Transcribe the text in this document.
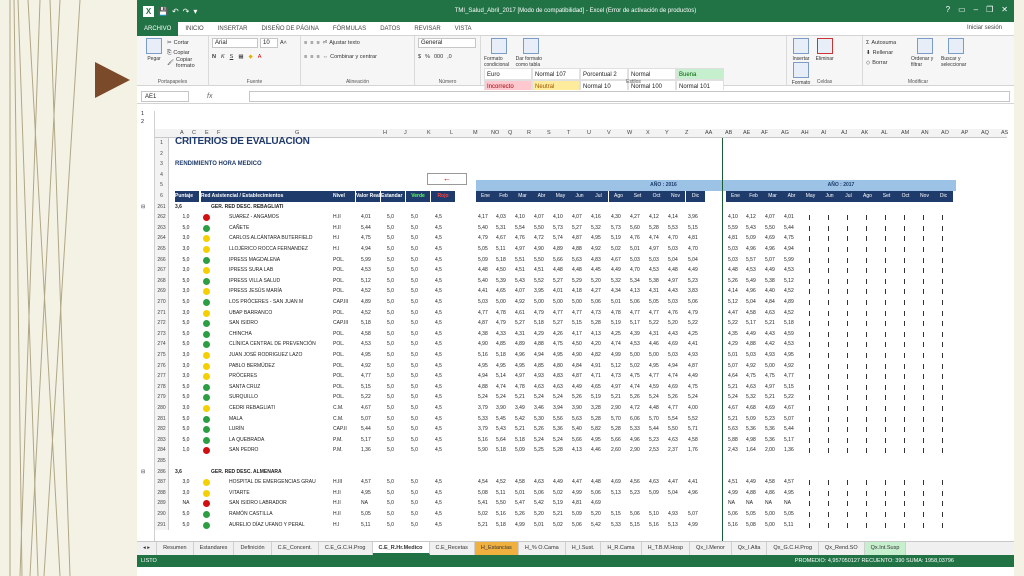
X 💾 ↶ ↷ ▾	TMI_Salud_Abril_2017 [Modo de compatibilidad] - Excel (Error de activación de productos)	? ▭ – ❐ ✕
ARCHIVO	INICIO	INSERTAR	DISEÑO DE PÁGINA	FÓRMULAS	DATOS	REVISAR	VISTA	Iniciar sesión
Pegar
✂ Cortar
⎘ Copiar
🖌 Copiar formato
Portapapeles
Arial	10	A˄
N K S ▦ ◆ A
Fuente
≡ ≡ ≡ ⏎ Ajustar texto
≡ ≡ ≡ ⇔ Combinar y centrar
Alineación
General
$ % 000 ,0
Número
Formato condicional

Dar formato como tabla
Euro	Normal 107	Porcentual 2 Normal	BuenaIncorrecto	Neutral	Normal 10	Normal 100	Normal 101
Estilos
Insertar
Eliminar

Formato	Celdas
Σ Autosuma
⬇ Rellenar
◇ Borrar
Ordenar y filtrar
Buscar y seleccionar
Modificar
AE1	fx
1
2
A C E F	G	H	J	K	L	M NO Q	R	S	T	U	V	W	X	Y	Z	AA AB AE AF AG AH AI	AJ AK AL AM AN AO AP AQ AS
1	CRITERIOS DE EVALUACION
2
3	RENDIMIENTO HORA MEDICO
4	←
5	AÑO : 2016	AÑO : 2017
6	Puntaje	Red Asistencial / Establecimientos	Nivel	Valor Real Estandar	Verde	Rojo	Ene	Feb	Mar	Abr	May	Jun	Jul	Ago	Set	Oct	Nov	Dic	Ene	Feb	Mar	Abr	May	Jun	Jul	Ago	Set	Oct	Nov	Dic
261	3,6	GER. RED DESC. REBAGLIATI
⊟
262	1,0	SUAREZ - ANGAMOS	H.II	4,01	5,0	5,0	4,5	4,17	4,03	4,10	4,07	4,10	4,07	4,16	4,30	4,27	4,12	4,14	3,96	4,10	4,12	4,07	4,01
263	5,0	CAÑETE	H.II	5,44	5,0	5,0	4,5	5,40	5,31	5,54	5,50	5,73	5,27	5,32	5,73	5,60	5,28	5,53	5,15	5,59	5,43	5,50	5,44
264	3,0	CARLOS ALCÁNTARA BUTERFIELD	H.I	4,75	5,0	5,0	4,5	4,79	4,67	4,76	4,72	5,74	4,87	4,95	5,19	4,76	4,74	4,70	4,81	4,81	5,09	4,69	4,75
265	3,0	LLOJÉRICO ROCCA FERNANDEZ	H.I	4,94	5,0	5,0	4,5	5,05	5,11	4,97	4,90	4,89	4,88	4,92	5,02	5,01	4,97	5,03	4,70	5,03	4,96	4,96	4,94
266	5,0	IPRESS MAGDALENA	POL.	5,99	5,0	5,0	4,5	5,09	5,18	5,51	5,50	5,66	5,63	4,83	4,67	5,03	5,03	5,04	5,04	5,03	5,57	5,07	5,99
267	3,0	IPRESS SURA LAB	POL.	4,53	5,0	5,0	4,5	4,48	4,50	4,51	4,51	4,48	4,48	4,45	4,49	4,70	4,53	4,48	4,49	4,48	4,53	4,49	4,53
268	5,0	IPRESS VILLA SALUD	POL.	5,12	5,0	5,0	4,5	5,40	5,39	5,43	5,52	5,27	5,29	5,20	5,32	5,34	5,38	4,97	5,23	5,26	5,49	5,38	5,12
269	3,0	IPRESS JESÚS MARÍA	POL.	4,52	5,0	5,0	4,5	4,41	4,65	4,07	3,95	4,01	4,18	4,27	4,34	4,13	4,31	4,43	3,83	4,14	4,96	4,40	4,52
270	5,0	LOS PRÓCERES - SAN JUAN M	CAP.III	4,89	5,0	5,0	4,5	5,03	5,00	4,92	5,00	5,00	5,00	5,06	5,01	5,06	5,05	5,03	5,06	5,12	5,04	4,84	4,89
271	3,0	UBAP BARRANCO	POL.	4,52	5,0	5,0	4,5	4,77	4,78	4,61	4,79	4,77	4,77	4,73	4,78	4,77	4,77	4,76	4,79	4,47	4,58	4,63	4,52
272	5,0	SAN ISIDRO	CAP.III	5,18	5,0	5,0	4,5	4,87	4,79	5,27	5,18	5,27	5,15	5,28	5,19	5,17	5,22	5,20	5,22	5,22	5,17	5,21	5,18
273	5,0	CHINCHA	POL.	4,58	5,0	5,0	4,5	4,38	4,33	4,31	4,29	4,26	4,17	4,13	4,25	4,39	4,31	4,43	4,25	4,35	4,49	4,43	4,59
274	5,0	CLÍNICA CENTRAL DE PREVENCIÓN	POL.	4,53	5,0	5,0	4,5	4,90	4,85	4,89	4,88	4,75	4,50	4,20	4,74	4,53	4,46	4,69	4,41	4,29	4,88	4,42	4,53
275	3,0	JUAN JOSÉ RODRIGUEZ LAZO	POL.	4,95	5,0	5,0	4,5	5,16	5,18	4,96	4,94	4,95	4,90	4,82	4,99	5,00	5,00	5,03	4,93	5,01	5,03	4,93	4,95
276	3,0	PABLO BERMÚDEZ	POL.	4,92	5,0	5,0	4,5	4,95	4,95	4,95	4,85	4,80	4,84	4,91	5,12	5,02	4,95	4,94	4,87	5,07	4,92	5,00	4,92
277	3,0	PRÓCERES	POL.	4,77	5,0	5,0	4,5	4,94	5,14	4,97	4,93	4,83	4,87	4,71	4,73	4,75	4,77	4,74	4,49	4,64	4,75	4,75	4,77
278	5,0	SANTA CRUZ	POL.	5,15	5,0	5,0	4,5	4,88	4,74	4,78	4,63	4,63	4,49	4,65	4,97	4,74	4,59	4,69	4,75	5,21	4,63	4,97	5,15
279	5,0	SURQUILLO	POL.	5,22	5,0	5,0	4,5	5,24	5,24	5,21	5,24	5,24	5,26	5,19	5,21	5,26	5,24	5,26	5,24	5,24	5,32	5,21	5,22
280	3,0	CEDRI REBAGLIATI	C.M.	4,67	5,0	5,0	4,5	3,79	3,90	3,49	3,46	3,94	3,90	3,28	2,90	4,72	4,48	4,77	4,00	4,67	4,68	4,69	4,67
281	5,0	MALA	C.M.	5,07	5,0	5,0	4,5	5,33	5,45	5,42	5,30	5,56	5,63	5,28	5,70	6,06	5,70	5,54	5,52	5,21	5,09	5,23	5,07
282	5,0	LURÍN	CAP.II	5,44	5,0	5,0	4,5	3,79	5,43	5,21	5,26	5,36	5,40	5,82	5,28	5,33	5,44	5,50	5,71	5,63	5,36	5,36	5,44
283	5,0	LA QUEBRADA	P.M.	5,17	5,0	5,0	4,5	5,16	5,64	5,18	5,24	5,24	5,66	4,95	5,66	4,96	5,23	4,63	4,58	5,88	4,98	5,36	5,17
284	1,0	SAN PEDRO	P.M.	1,36	5,0	5,0	4,5	5,90	5,18	5,09	5,25	5,28	4,13	4,46	2,60	2,90	2,53	2,37	1,76	2,43	1,64	2,00	1,36
285
286	3,6	GER. RED DESC. ALMENARA
⊟
287	3,0	HOSPITAL DE EMERGENCIAS GRAU	H.III	4,57	5,0	5,0	4,5	4,54	4,52	4,58	4,63	4,49	4,47	4,48	4,69	4,56	4,63	4,47	4,41	4,51	4,49	4,58	4,57
288	3,0	VITARTE	H.II	4,95	5,0	5,0	4,5	5,08	5,11	5,01	5,06	5,02	4,99	5,06	5,13	5,23	5,09	5,04	4,96	4,99	4,88	4,86	4,95
289	NA	SAN ISIDRO LABRADOR	H.II	NA	5,0	5,0	4,5	5,41	5,50	5,47	5,42	5,19	4,81	4,69	NA	NA	NA	NA
290	5,0	RAMÓN CASTILLA	H.II	5,05	5,0	5,0	4,5	5,02	5,16	5,26	5,20	5,21	5,09	5,20	5,15	5,06	5,10	4,93	5,07	5,06	5,05	5,00	5,05
291	5,0	AURELIO DÍAZ UFANO Y PERAL	H.I	5,11	5,0	5,0	4,5	5,21	5,18	4,99	5,01	5,02	5,06	5,42	5,33	5,15	5,16	5,13	4,99	5,16	5,08	5,00	5,11
◂ ▸	Resumen	Estandares	Definición	C.E_Concent.	C.E_G.C.H.Prog	C.E_R.Hr.Medico	C.E_Recetas	H_Estancias	H_% O.Cama	H_I.Sust.	H_R.Cama	H_T.B.M.Hosp	Qx_I.Menor	Qx_I.Alta	Qx_G.C.H.Prog	Qx_Rend.SO	Qx.Int.Susp
LISTO	PROMEDIO: 4,957050127 RECUENTO: 390 SUMA: 1958,03796
